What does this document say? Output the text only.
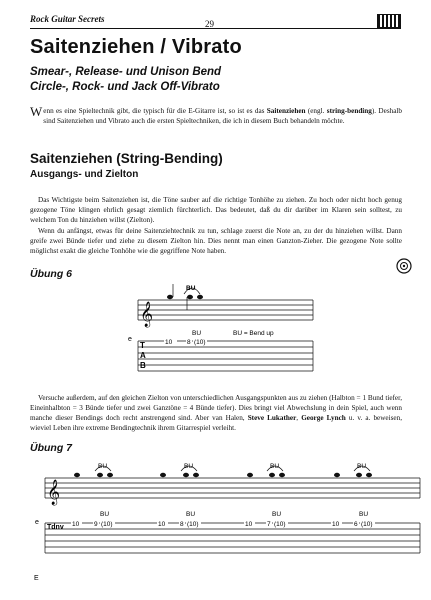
Rock Guitar Secrets	29
Saitenziehen / Vibrato
Smear-, Release- und Unison Bend
Circle-, Rock- und Jack Off-Vibrato
Wenn es eine Spieltechnik gibt, die typisch für die E-Gitarre ist, so ist es das Saitenziehen (engl. string-bending). Deshalb sind Saitenziehen und Vibrato auch die ersten Spieltechniken, die ich in diesem Buch behandeln möchte.
Saitenziehen (String-Bending)
Ausgangs- und Zielton
Das Wichtigste beim Saitenziehen ist, die Töne sauber auf die richtige Tonhöhe zu ziehen. Zu hoch oder nicht hoch genug gezogene Töne klingen ehrlich gesagt ziemlich fürchterlich. Das bedeutet, daß du dir darüber im Klaren sein solltest, zu welchem Ton du hinziehen willst (Zielton).
Wenn du anfängst, etwas für deine Saitenziehtechnik zu tun, schlage zuerst die Note an, zu der du hinziehen willst. Dann greife zwei Bünde tiefer und ziehe zu diesem Zielton hin. Dies nennt man einen Ganzton-Zieher. Die gezogene Note sollte möglichst exakt die gleiche Tonhöhe wie die gegriffene Note haben.
Übung 6
𝄞
BU
BU	BU = Bend up
e
T
A
B
10 8 (10)
Versuche außerdem, auf den gleichen Zielton von unterschiedlichen Ausgangspunkten aus zu ziehen (Halbton = 1 Bund tiefer, Eineinhalbton = 3 Bünde tiefer und zwei Ganztöne = 4 Bünde tiefer). Dies bringt viel Abwechslung in dein Spiel, auch wenn manche dieser Bendings doch recht anstrengend sind. Aber van Halen, Steve Lukather, George Lynch u. v. a. beweisen, wieviel Leben ihre extreme Bendingtechnik ihrem Gitarrespiel verleiht.
Übung 7
𝄞
BU	BU	BU	BU
BU	BU	BU	BU
e
E
Tdnv 10 9 (10)	10 8 (10)	10 7 (10)	10 6 (10)
